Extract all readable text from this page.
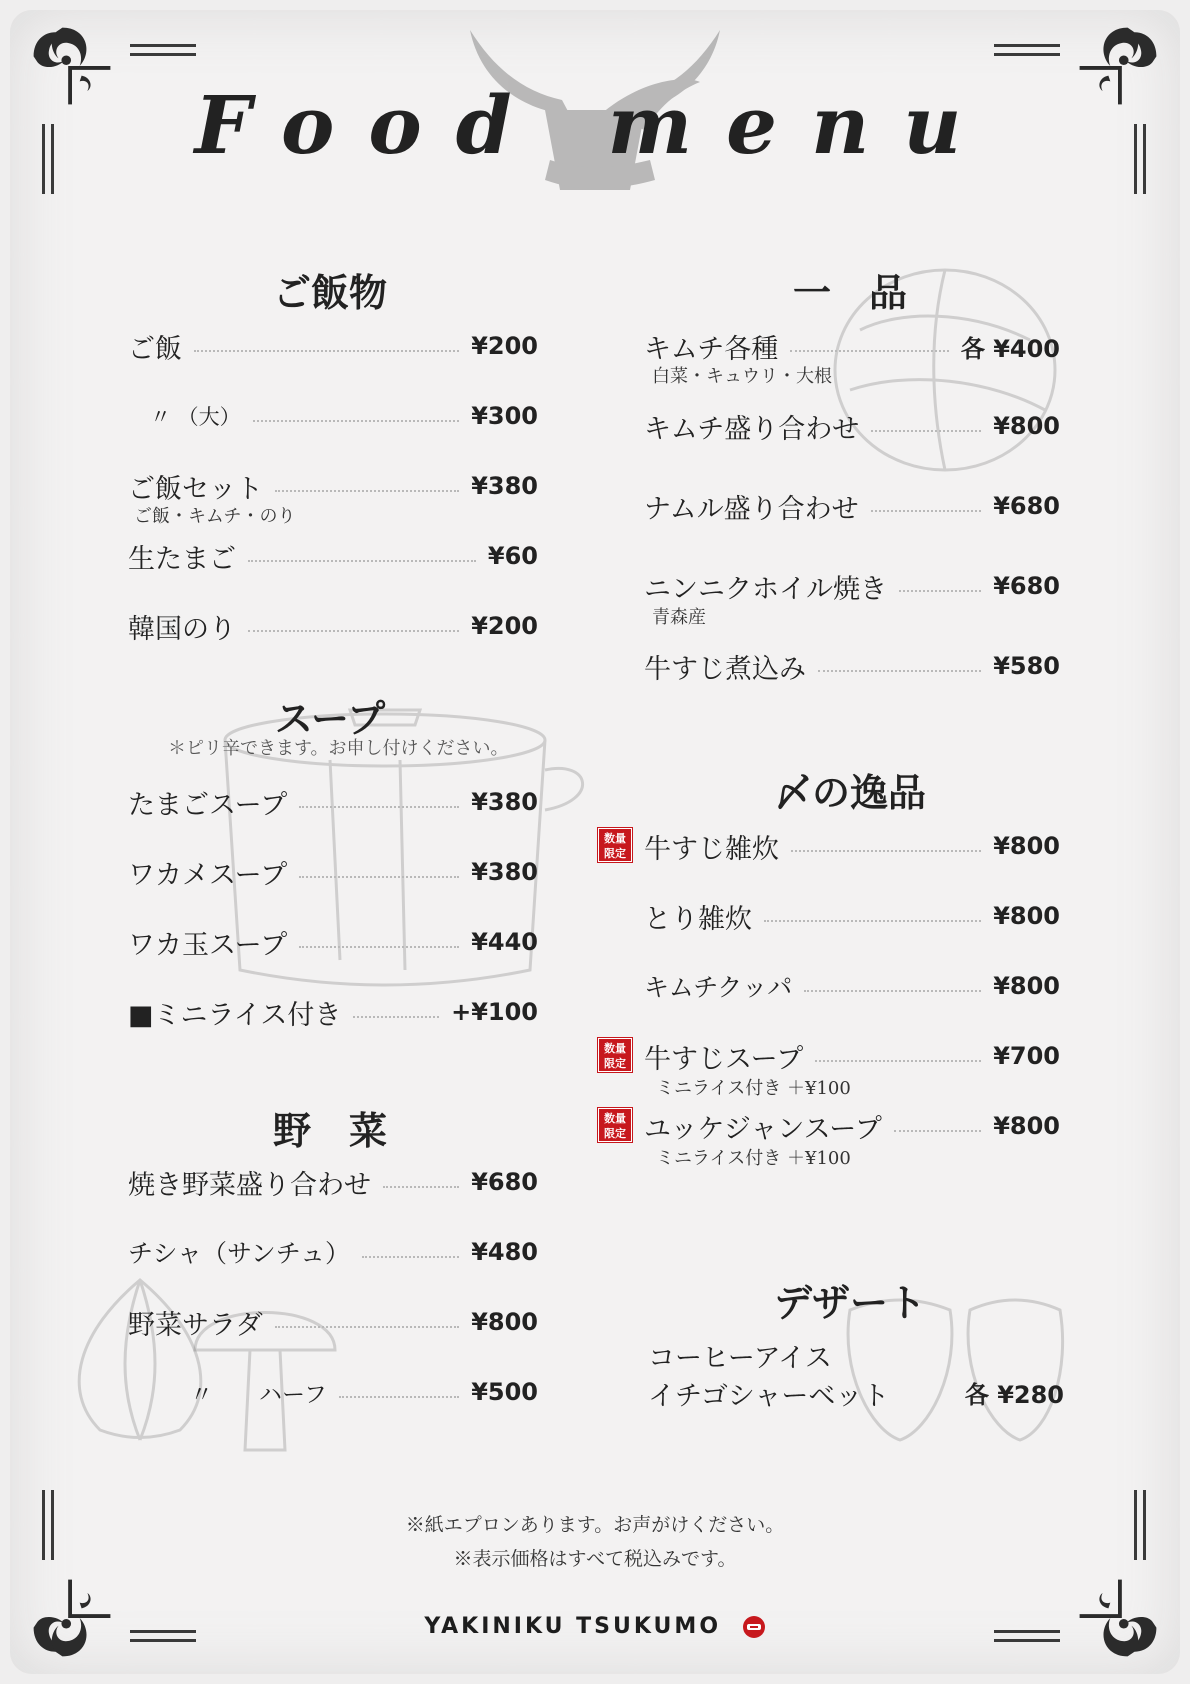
Food menu
ご飯物
ご飯	¥200
〃 （大）	¥300
ご飯セット	¥380
ご飯・キムチ・のり
生たまご	¥60
韓国のり	¥200
スープ
＊ピリ辛できます。お申し付けください。
たまごスープ	¥380
ワカメスープ	¥380
ワカ玉スープ	¥440
■ミニライス付き	+¥100
野　菜
焼き野菜盛り合わせ	¥680
チシャ（サンチュ）	¥480
野菜サラダ	¥800
〃　　ハーフ	¥500
一　品
キムチ各種	各 ¥400
白菜・キュウリ・大根
キムチ盛り合わせ	¥800
ナムル盛り合わせ	¥680
ニンニクホイル焼き	¥680
青森産
牛すじ煮込み	¥580
〆の逸品
数量
限定 牛すじ雑炊	¥800
とり雑炊	¥800
キムチクッパ	¥800
数量
限定 牛すじスープ	¥700
ミニライス付き ＋¥100
数量
限定 ユッケジャンスープ	¥800
ミニライス付き ＋¥100
デザート
コーヒーアイス
イチゴシャーベット	各 ¥280
※紙エプロンあります。お声がけください。
※表示価格はすべて税込みです。
YAKINIKU TSUKUMO
